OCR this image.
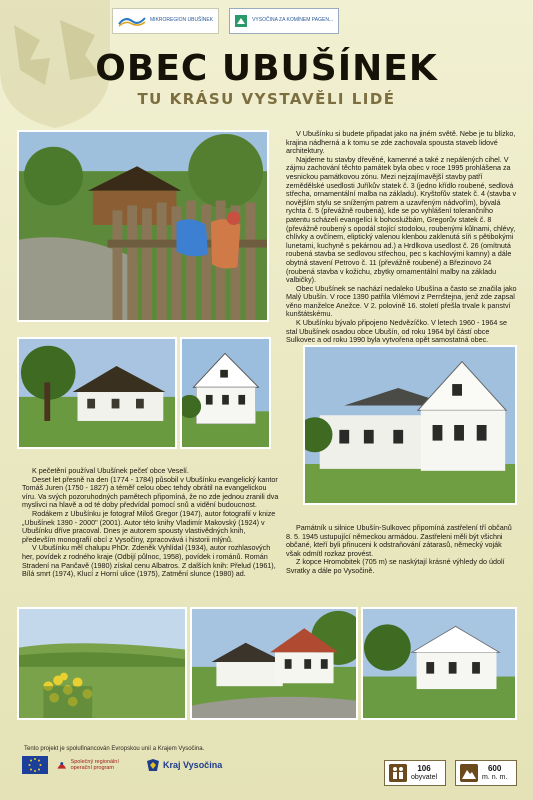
MIKROREGION UBUŠÍNEK	VYSOČINA ZA KOMÍNEM PAGEN...
OBEC UBUŠÍNEK
TU KRÁSU VYSTAVĚLI LIDÉ

V Ubušínku si budete připadat jako na jiném světě. Nebe je tu blízko, krajina nádherná a k tomu se zde zachovala spousta staveb lidové architektury.

Najdeme tu stavby dřevěné, kamenné a také z nepálených cihel. V zájmu zachování těchto památek byla obec v roce 1995 prohlášena za vesnickou památkovou zónu. Mezi nejzajímavější stavby patří zemědělské usedlosti Juříkův statek č. 3 (jedno křídlo roubené, sedlová střecha, ornamentální malba na základu). Kryštofův statek č. 4 (stavba v novějším stylu se sníženým patrem a uzavřeným nádvořím), bývalá rychta č. 5 (převážně roubená), kde se po vyhlášení tolerančního patentu scházeli evangelíci k bohoslužbám, Gregorův statek č. 8 (převážně roubený s opodál stojící stodolou, roubenými kůlnami, chlévy, chlívky a ovčínem, eliptický valenou klenbou zaklenutá síň s pětibokými lunetami, kuchyně s pekárnou ad.) a Hrdlkova usedlost č. 26 (omítnutá roubená stavba se sedlovou střechou, pec s kachlovými kamny) a dále obytná stavení Petrovo č. 11 (převážně roubené) a Březinovo 24 (roubená stavba v kožichu, zbytky ornamentální malby na základu valbičky).

Obec Ubušínek se nachází nedaleko Ubušína a často se značila jako Malý Ubušín. V roce 1390 patřila Vilémovi z Pernštejna, jenž zde zapsal věno manželce Anežce. V 2. polovině 16. století přešla trvale k panství kunštátskému.

K Ubušínku bývalo připojeno Nedvězíčko. V letech 1960 - 1964 se stal Ubušínek osadou obce Ubušín, od roku 1964 byl částí obce Sulkovec a od roku 1990 byla vytvořena opět samostatná obec.

K pečetění používal Ubušínek pečeť obce Veselí.

Deset let přesně na den (1774 - 1784) působil v Ubušínku evangelický kantor Tomáš Juren (1750 - 1827) a téměř celou obec tehdy obrátil na evangelickou víru. Va svých pozoruhodných pamětech připomíná, že no zde jednou zranili dva myslivci na hlavě a od té doby předvídal pomocí snů a vidění budoucnost.

Rodákem z Ubušínku je fotograf Miloš Gregor (1947), autor fotografií v knize „Ubušínek 1390 - 2000" (2001). Autor této knihy Vladimír Makovský (1924) v Ubušínku dříve pracoval. Dnes je autorem spousty vlastivědných knih, především monografií obcí z Vysočiny, zpracovává i historii mlýnů.

V Ubušínku měl chalupu PhDr. Zdeněk Vyhlídal (1934), autor rozhlasových her, povídek z rodného kraje (Odbijí půlnoc, 1958), povídek i románů. Román Stradení na Pančavě (1980) získal cenu Albatros. Z dalších knih: Přelud (1961), Bílá smrt (1974), Klucí z Horní ulice (1975), Zatmění slunce (1980) ad.

Památník u silnice Ubušín-Sulkovec připomíná zastřelení tří občanů 8. 5. 1945 ustupující německou armádou. Zastřeleni měli být všichni občané, kteří byli přinuceni k odstraňování zátarasů, německý voják však odmítl rozkaz provést.

Z kopce Hromobitek (705 m) se naskýtají krásné výhledy do údolí Svratky a dále po Vysočině.

Tento projekt je spolufinancován Evropskou unií a Krajem Vysočina.
Společný regionální operační program	Kraj Vysočina	106
obyvatel
600
m. n. m.
